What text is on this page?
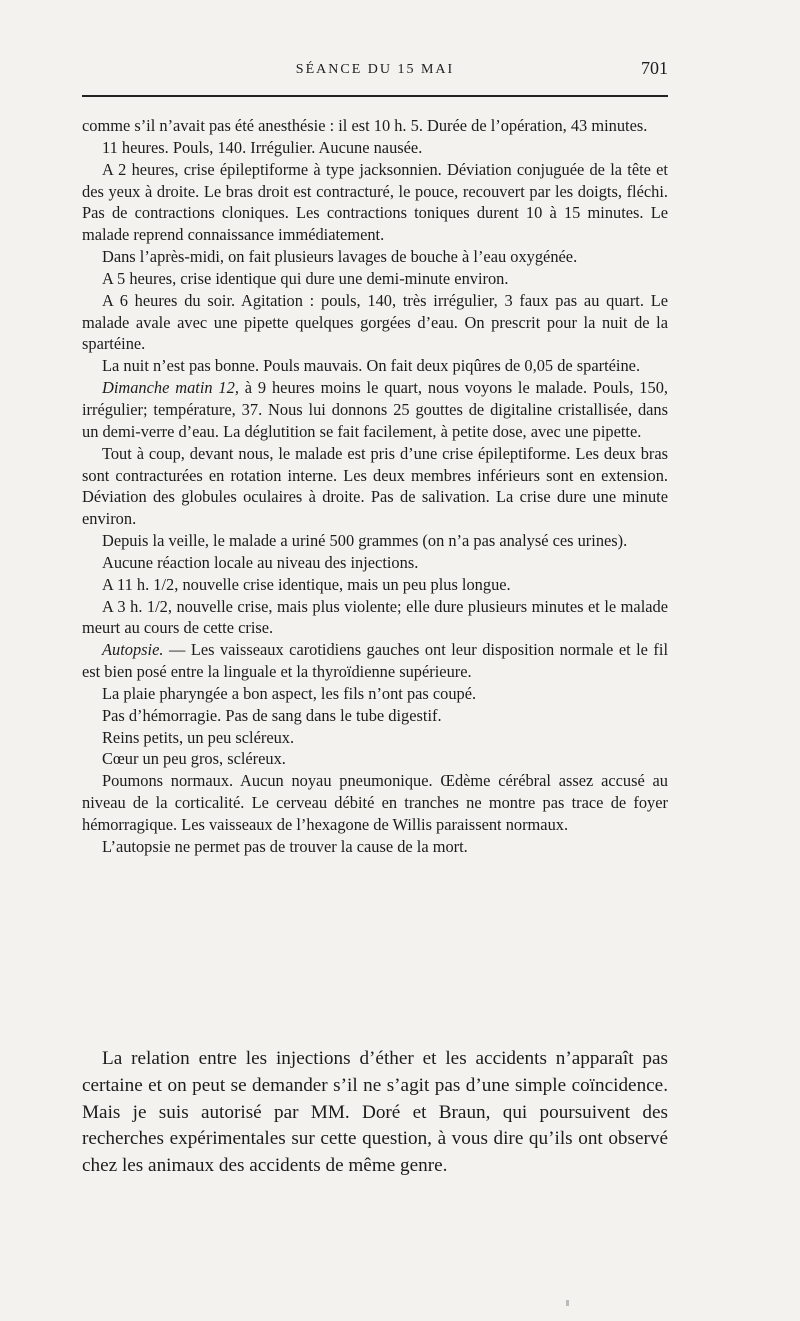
SÉANCE DU 15 MAI	701

comme s’il n’avait pas été anesthésie : il est 10 h. 5. Durée de l’opération, 43 minutes.

11 heures. Pouls, 140. Irrégulier. Aucune nausée.

A 2 heures, crise épileptiforme à type jacksonnien. Déviation conjuguée de la tête et des yeux à droite. Le bras droit est contracturé, le pouce, recouvert par les doigts, fléchi. Pas de contractions cloniques. Les contractions toniques durent 10 à 15 minutes. Le malade reprend connaissance immédiatement.

Dans l’après-midi, on fait plusieurs lavages de bouche à l’eau oxygénée.

A 5 heures, crise identique qui dure une demi-minute environ.

A 6 heures du soir. Agitation : pouls, 140, très irrégulier, 3 faux pas au quart. Le malade avale avec une pipette quelques gorgées d’eau. On prescrit pour la nuit de la spartéine.

La nuit n’est pas bonne. Pouls mauvais. On fait deux piqûres de 0,05 de spartéine.

Dimanche matin 12, à 9 heures moins le quart, nous voyons le malade. Pouls, 150, irrégulier; température, 37. Nous lui donnons 25 gouttes de digitaline cristallisée, dans un demi-verre d’eau. La déglutition se fait facilement, à petite dose, avec une pipette.

Tout à coup, devant nous, le malade est pris d’une crise épileptiforme. Les deux bras sont contracturées en rotation interne. Les deux membres inférieurs sont en extension. Déviation des globules oculaires à droite. Pas de salivation. La crise dure une minute environ.

Depuis la veille, le malade a uriné 500 grammes (on n’a pas analysé ces urines).

Aucune réaction locale au niveau des injections.

A 11 h. 1/2, nouvelle crise identique, mais un peu plus longue.

A 3 h. 1/2, nouvelle crise, mais plus violente; elle dure plusieurs minutes et le malade meurt au cours de cette crise.

Autopsie. — Les vaisseaux carotidiens gauches ont leur disposition normale et le fil est bien posé entre la linguale et la thyroïdienne supérieure.

La plaie pharyngée a bon aspect, les fils n’ont pas coupé.

Pas d’hémorragie. Pas de sang dans le tube digestif.

Reins petits, un peu scléreux.

Cœur un peu gros, scléreux.

Poumons normaux. Aucun noyau pneumonique. Œdème cérébral assez accusé au niveau de la corticalité. Le cerveau débité en tranches ne montre pas trace de foyer hémorragique. Les vaisseaux de l’hexagone de Willis paraissent normaux.

L’autopsie ne permet pas de trouver la cause de la mort.

La relation entre les injections d’éther et les accidents n’apparaît pas certaine et on peut se demander s’il ne s’agit pas d’une simple coïncidence. Mais je suis autorisé par MM. Doré et Braun, qui poursuivent des recherches expérimentales sur cette question, à vous dire qu’ils ont observé chez les animaux des accidents de même genre.
